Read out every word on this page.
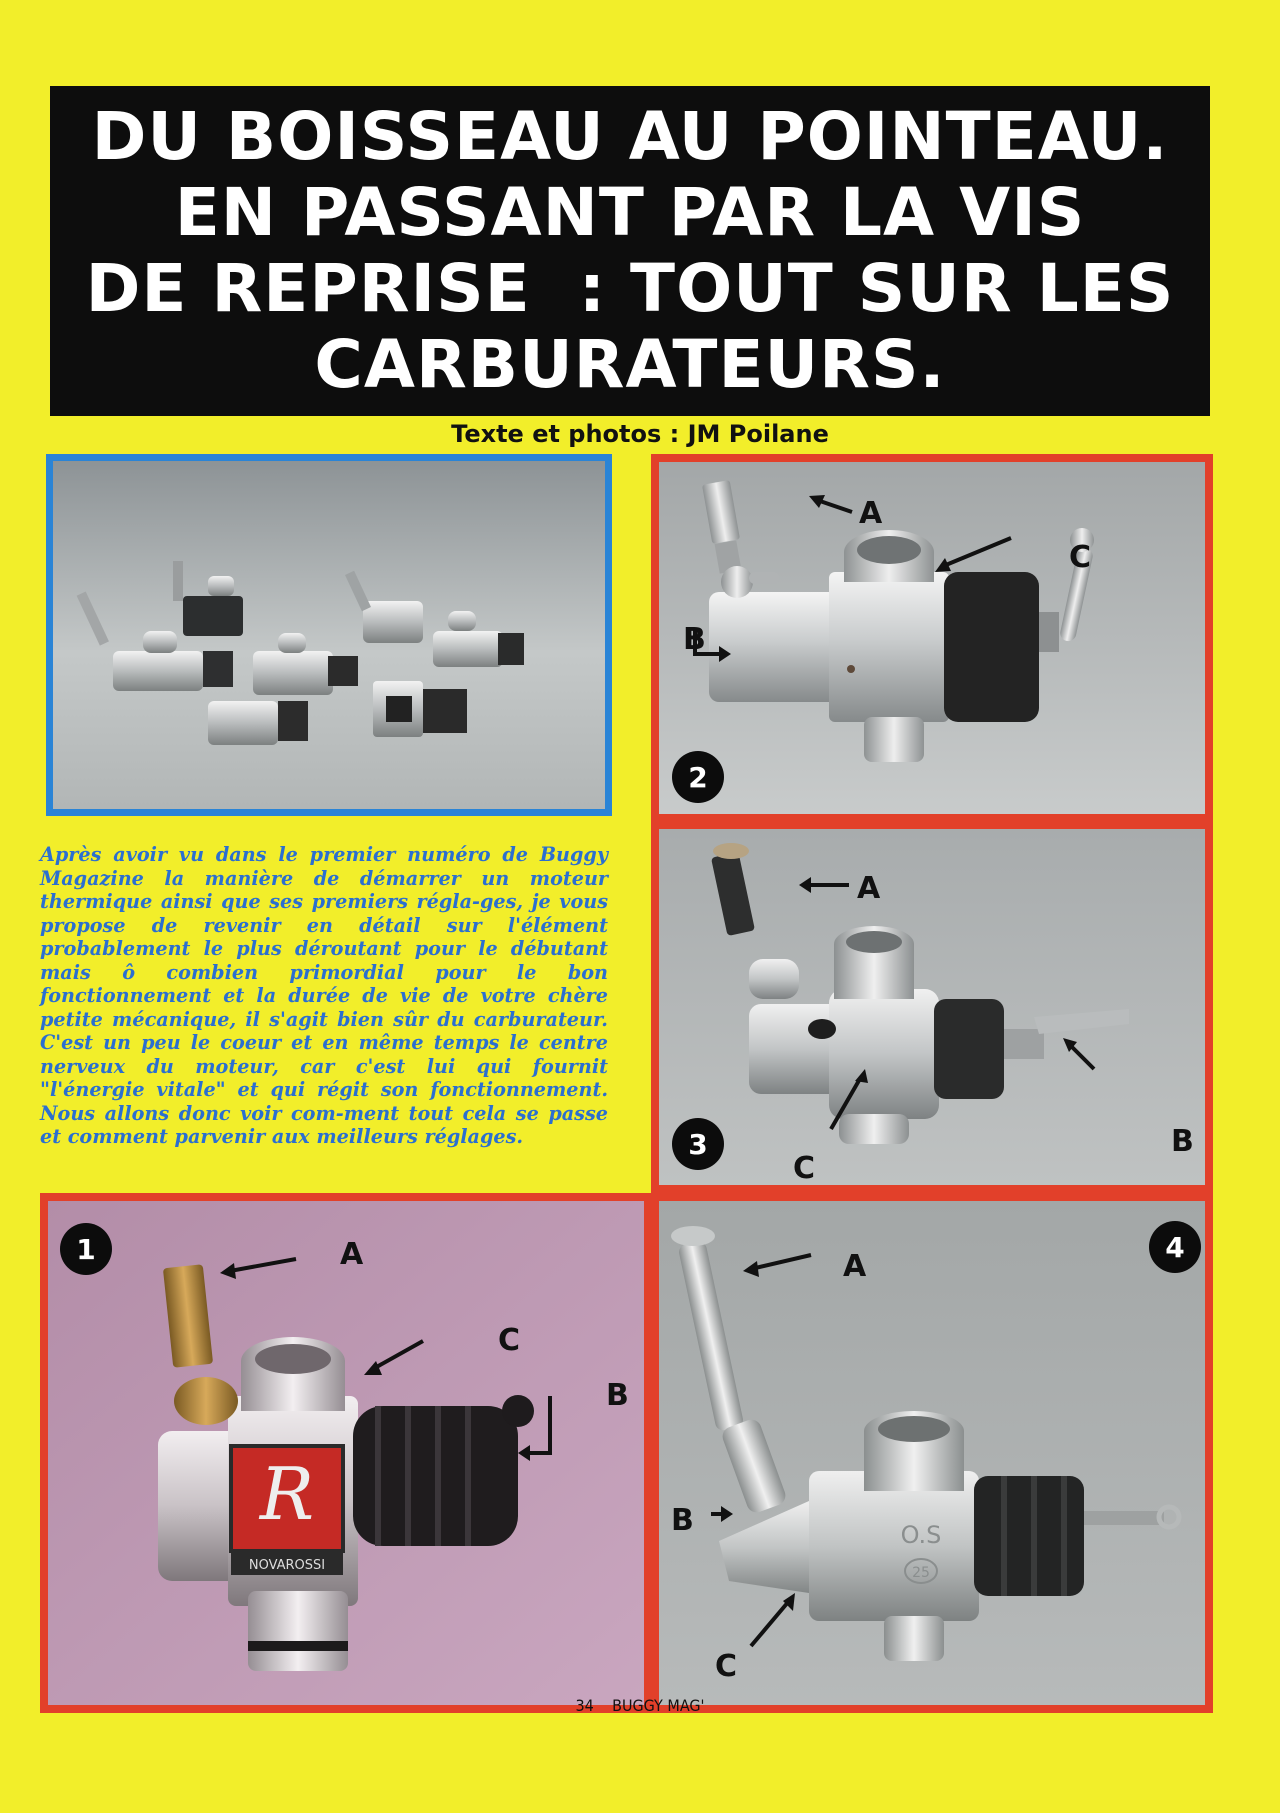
DU BOISSEAU AU POINTEAU.
EN PASSANT PAR LA VIS
DE REPRISE  : TOUT SUR LES
CARBURATEURS.
Texte et photos : JM Poilane
A
C
B
2

Après avoir vu dans le premier numéro de Buggy Magazine la manière de démarrer un moteur thermique ainsi que ses premiers régla-ges, je vous propose de revenir en détail sur l'élément probablement le plus déroutant pour le débutant mais ô combien primordial pour le bon fonctionnement et la durée de vie de votre chère petite mécanique, il s'agit bien sûr du carburateur. C'est un peu le coeur et en même temps le centre nerveux du moteur, car c'est lui qui fournit "l'énergie vitale" et qui régit son fonctionnement. Nous allons donc voir com-ment tout cela se passe et comment parvenir aux meilleurs réglages.

A
B
C
3
R
NOVAROSSI
A
C
B
1
O.S
25
A
B
C
4
34 BUGGY MAG'
